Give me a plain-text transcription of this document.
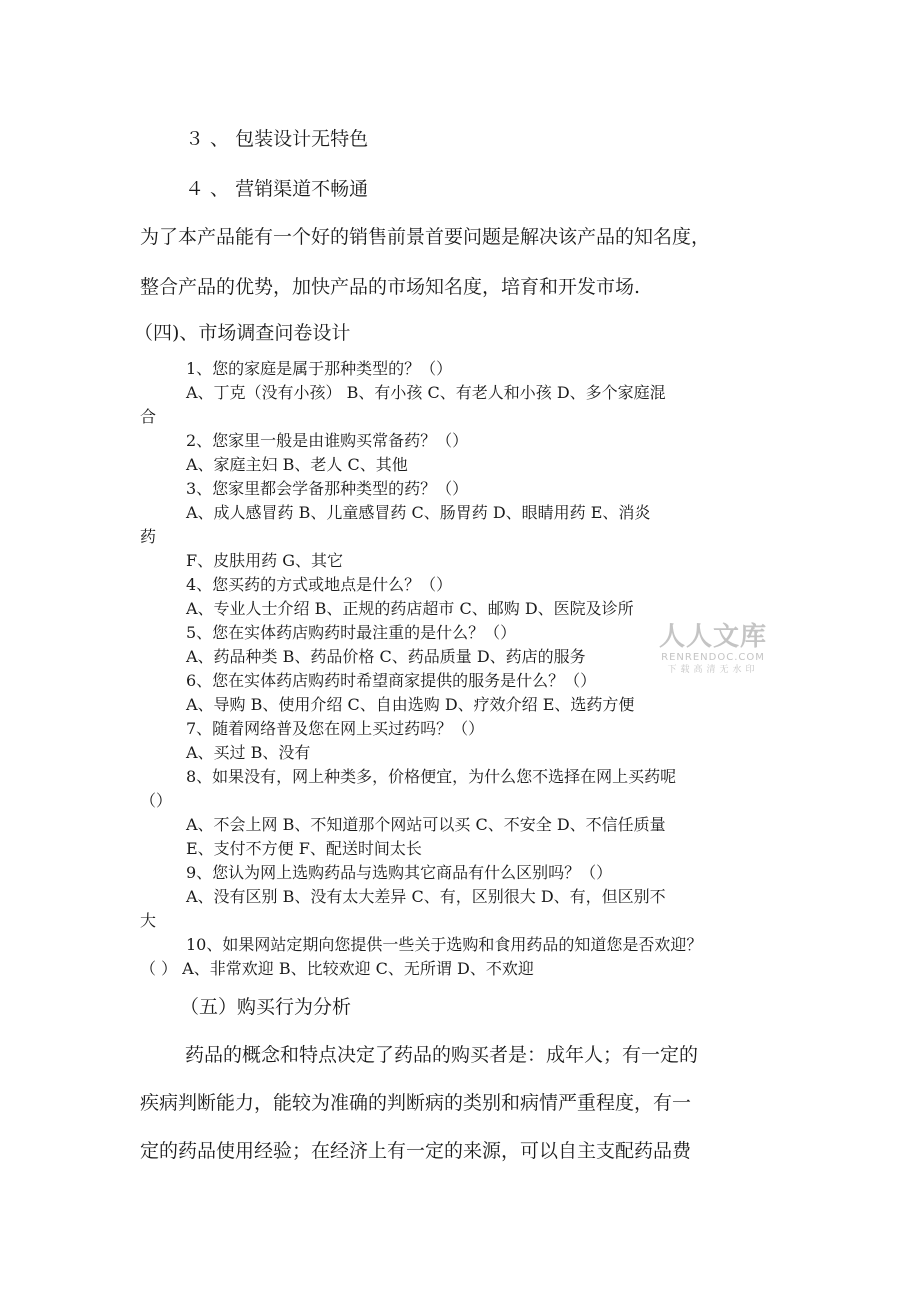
３ 、 包装设计无特色
４ 、 营销渠道不畅通
为了本产品能有一个好的销售前景首要问题是解决该产品的知名度，
整合产品的优势，加快产品的市场知名度，培育和开发市场.
（四)、市场调查问卷设计
1、您的家庭是属于那种类型的？（）
A、丁克（没有小孩） B、有小孩 C、有老人和小孩 D、多个家庭混
合
2、您家里一般是由谁购买常备药？（）
A、家庭主妇 B、老人 C、其他
3、您家里都会学备那种类型的药？（）
A、成人感冒药 B、儿童感冒药 C、肠胃药 D、眼睛用药 E、消炎
药
F、皮肤用药 G、其它
4、您买药的方式或地点是什么？（）
A、专业人士介绍 B、正规的药店超市 C、邮购 D、医院及诊所
5、您在实体药店购药时最注重的是什么？（）
A、药品种类 B、药品价格 C、药品质量 D、药店的服务
6、您在实体药店购药时希望商家提供的服务是什么？（）
A、导购 B、使用介绍 C、自由选购 D、疗效介绍 E、选药方便
7、随着网络普及您在网上买过药吗？（）
A、买过 B、没有
8、如果没有，网上种类多，价格便宜，为什么您不选择在网上买药呢
（）
A、不会上网 B、不知道那个网站可以买 C、不安全 D、不信任质量
E、支付不方便 F、配送时间太长
9、您认为网上选购药品与选购其它商品有什么区别吗？（）
A、没有区别 B、没有太大差异 C、有，区别很大 D、有，但区别不
大
10、如果网站定期向您提供一些关于选购和食用药品的知道您是否欢迎？
（ ） A、非常欢迎 B、比较欢迎 C、无所谓 D、不欢迎
（五）购买行为分析
药品的概念和特点决定了药品的购买者是：成年人；有一定的
疾病判断能力，能较为准确的判断病的类别和病情严重程度，有一
定的药品使用经验；在经济上有一定的来源，可以自主支配药品费
人人文库
RENRENDOC.COM
下载高清无水印
